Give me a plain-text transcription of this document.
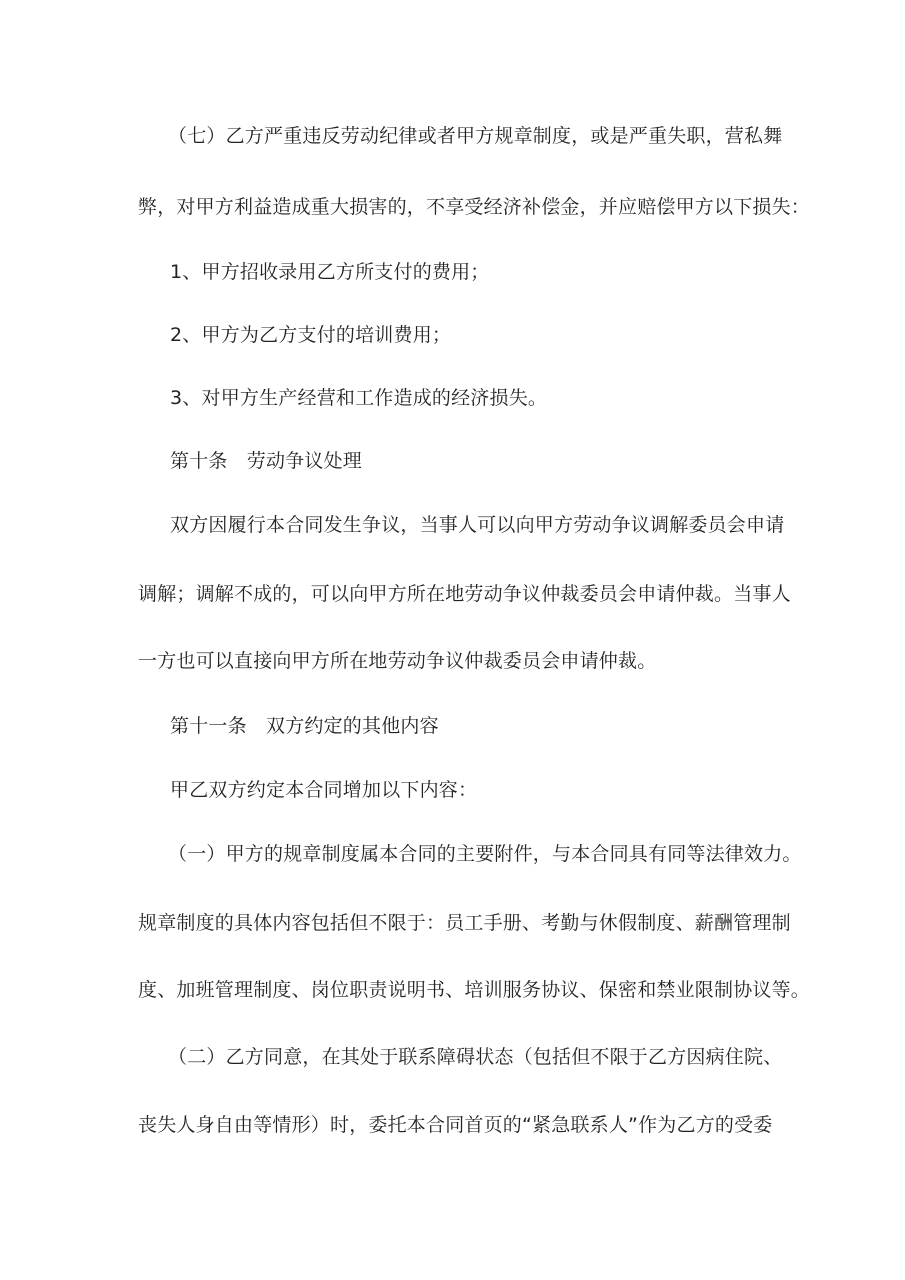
（七）乙方严重违反劳动纪律或者甲方规章制度，或是严重失职，营私舞
弊，对甲方利益造成重大损害的，不享受经济补偿金，并应赔偿甲方以下损失：
1、甲方招收录用乙方所支付的费用；
2、甲方为乙方支付的培训费用；
3、对甲方生产经营和工作造成的经济损失。
第十条　劳动争议处理
双方因履行本合同发生争议，当事人可以向甲方劳动争议调解委员会申请
调解；调解不成的，可以向甲方所在地劳动争议仲裁委员会申请仲裁。当事人
一方也可以直接向甲方所在地劳动争议仲裁委员会申请仲裁。
第十一条　双方约定的其他内容
甲乙双方约定本合同增加以下内容：
（一）甲方的规章制度属本合同的主要附件，与本合同具有同等法律效力。
规章制度的具体内容包括但不限于：员工手册、考勤与休假制度、薪酬管理制
度、加班管理制度、岗位职责说明书、培训服务协议、保密和禁业限制协议等。
（二）乙方同意，在其处于联系障碍状态（包括但不限于乙方因病住院、
丧失人身自由等情形）时，委托本合同首页的“紧急联系人”作为乙方的受委
